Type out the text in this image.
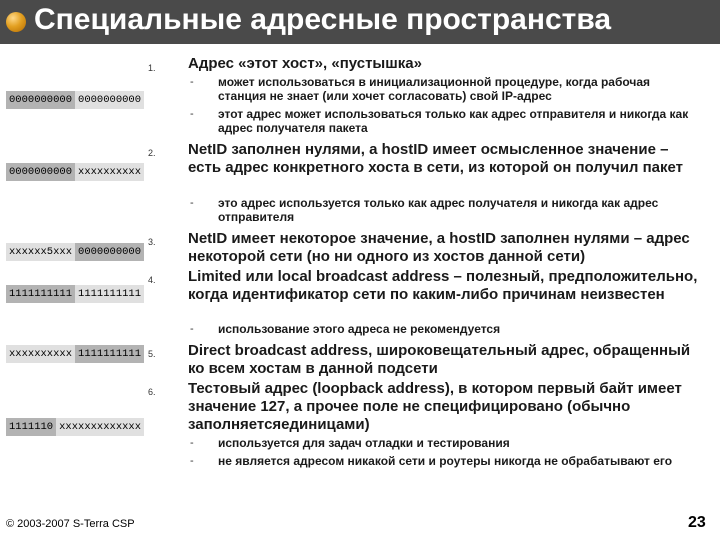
Специальные адресные пространства
0000000000 0000000000
0000000000 xxxxxxxxxx
xxxxxx5xxx 0000000000
1111111111 1111111111
xxxxxxxxxx 1111111111
1111110 xxxxxxxxxxxxx
1. Адрес «этот хост», «пустышка»
- может использоваться в инициализационной процедуре, когда рабочая станция не знает (или хочет согласовать) свой IP-адрес
- этот адрес может использоваться только как адрес отправителя и никогда как адрес получателя пакета
2. NetID заполнен нулями, а hostID имеет осмысленное значение – есть адрес конкретного хоста в сети, из которой он получил пакет
- это адрес используется только как адрес получателя и никогда как адрес отправителя
3. NetID имеет некоторое значение, а hostID заполнен нулями – адрес некоторой сети (но ни одного из хостов данной сети)
4. Limited или local broadcast address – полезный, предположительно, когда идентификатор сети по каким-либо причинам неизвестен
- использование этого адреса не рекомендуется
5. Direct broadcast address, широковещательный адрес, обращенный ко всем хостам в данной подсети
6. Тестовый адрес (loopback address), в котором первый байт имеет значение 127, а прочее поле не специфицировано (обычно заполняетсяединицами)
- используется для задач отладки и тестирования
- не является адресом никакой сети и роутеры никогда не обрабатывают его
© 2003-2007 S-Terra CSP	23
